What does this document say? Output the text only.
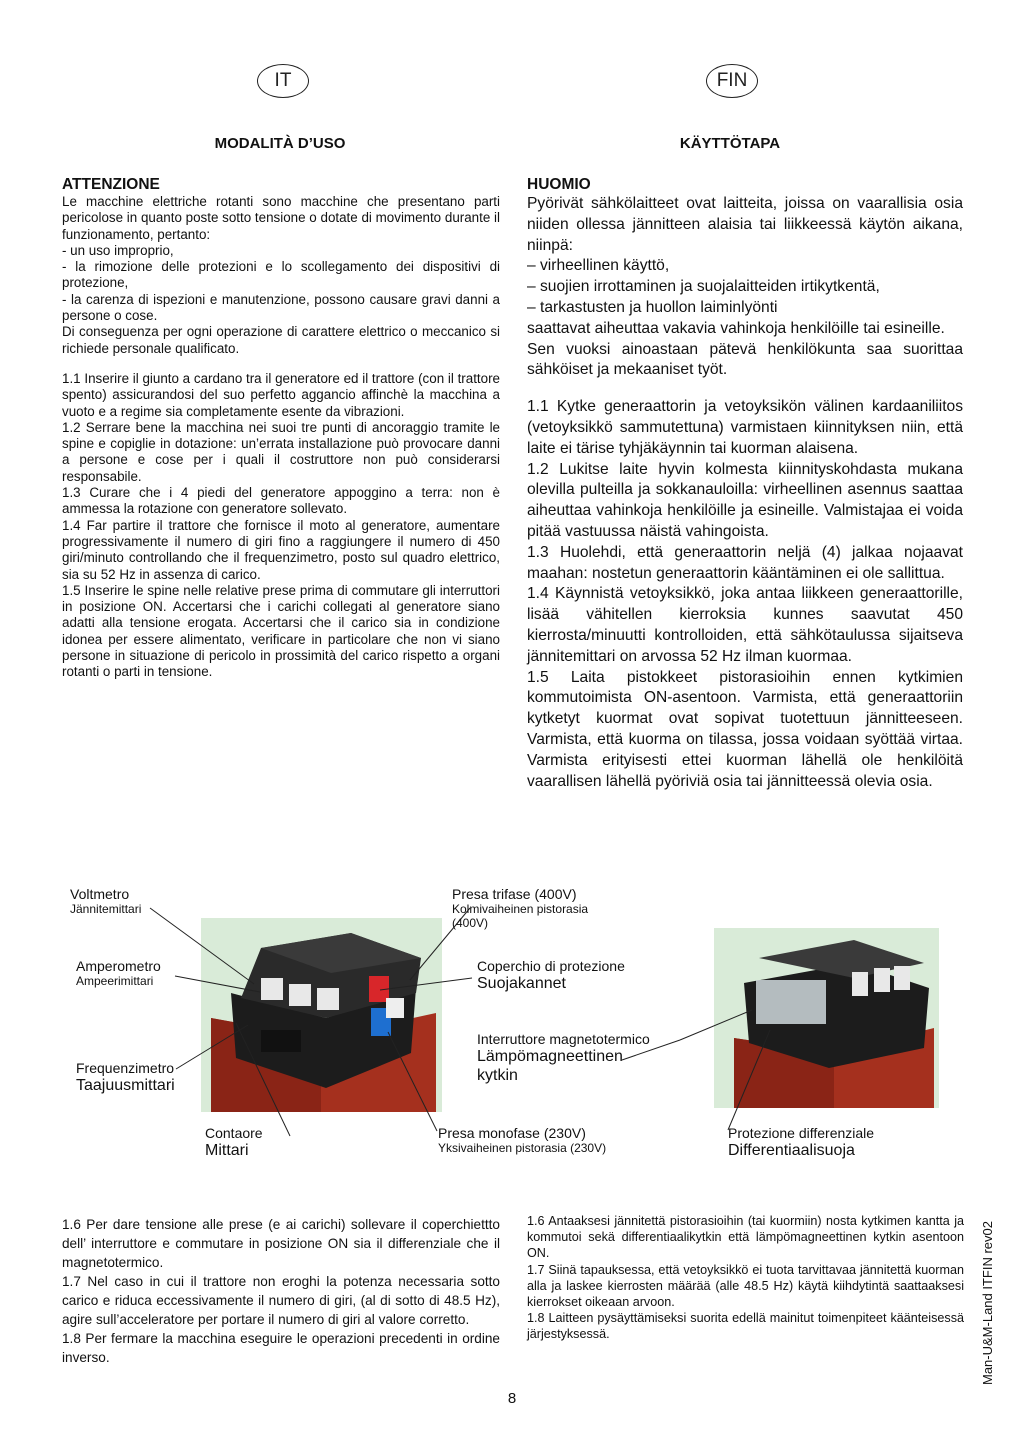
IT	FIN
MODALITÀ D’USO	KÄYTTÖTAPA
ATTENZIONE

Le macchine elettriche rotanti sono macchine che presentano parti pericolose in quanto poste sotto tensione o dotate di movimento durante il funzionamento, pertanto:

- un uso improprio,

- la rimozione delle protezioni e lo scollegamento dei dispositivi di protezione,

- la carenza di ispezioni e manutenzione, possono causare gravi danni a persone o cose.

Di conseguenza per ogni operazione di carattere elettrico o meccanico si richiede personale qualificato.

1.1 Inserire il giunto a cardano tra il generatore ed il trattore (con il trattore spento) assicurandosi del suo perfetto aggancio affinchè la macchina a vuoto e a regime sia completamente esente da vibrazioni.

1.2 Serrare bene la macchina nei suoi tre punti di ancoraggio tramite le spine e copiglie in dotazione: un’errata installazione può provocare danni a persone e cose per i quali il costruttore non può considerarsi responsabile.

1.3 Curare che i 4 piedi del generatore appoggino a terra: non è ammessa la rotazione con generatore sollevato.

1.4 Far partire il trattore che fornisce il moto al generatore, aumentare progressivamente il numero di giri fino a raggiungere il numero di 450 giri/minuto controllando che il frequenzimetro, posto sul quadro elettrico, sia su 52 Hz in assenza di carico.

1.5 Inserire le spine nelle relative prese prima di commutare gli interruttori in posizione ON. Accertarsi che i carichi collegati al generatore siano adatti alla tensione erogata. Accertarsi che il carico sia in condizione idonea per essere alimentato, verificare in particolare che non vi siano persone in situazione di pericolo in prossimità del carico rispetto a organi rotanti o parti in tensione.

HUOMIO

Pyörivät sähkölaitteet ovat laitteita, joissa on vaarallisia osia niiden ollessa jännitteen alaisia tai liikkeessä käytön aikana, niinpä:

– virheellinen käyttö,

– suojien irrottaminen ja suojalaitteiden irtikytkentä,

– tarkastusten ja huollon laiminlyönti

saattavat aiheuttaa vakavia vahinkoja henkilöille tai esineille.

Sen vuoksi ainoastaan pätevä henkilökunta saa suorittaa sähköiset ja mekaaniset työt.

1.1 Kytke generaattorin ja vetoyksikön välinen kardaaniliitos (vetoyksikkö sammutettuna) varmistaen kiinnityksen niin, että laite ei tärise tyhjäkäynnin tai kuorman alaisena.

1.2 Lukitse laite hyvin kolmesta kiinnityskohdasta mukana olevilla pulteilla ja sokkanauloilla: virheellinen asennus saattaa aiheuttaa vahinkoja henkilöille ja esineille. Valmistajaa ei voida pitää vastuussa näistä vahingoista.

1.3 Huolehdi, että generaattorin neljä (4) jalkaa nojaavat maahan: nostetun generaattorin kääntäminen ei ole sallittua.

1.4 Käynnistä vetoyksikkö, joka antaa liikkeen generaattorille, lisää vähitellen kierroksia kunnes saavutat 450 kierrosta/minuutti kontrolloiden, että sähkötaulussa sijaitseva jännitemittari on arvossa 52 Hz ilman kuormaa.

1.5 Laita pistokkeet pistorasioihin ennen kytkimien kommutoimista ON-asentoon. Varmista, että generaattoriin kytketyt kuormat ovat sopivat tuotettuun jännitteeseen. Varmista, että kuorma on tilassa, jossa voidaan syöttää virtaa. Varmista erityisesti ettei kuorman lähellä ole henkilöitä vaarallisen lähellä pyöriviä osia tai jännitteessä olevia osia.

Voltmetro
Jännitemittari
Amperometro
Ampeerimittari
Frequenzimetro
Taajuusmittari
Contaore
Mittari
Presa trifase (400V)
Kolmivaiheinen pistorasia
(400V)
Coperchio di protezione
Suojakannet
Interruttore magnetotermico
Lämpömagneettinen
kytkin
Presa monofase (230V)
Yksivaiheinen pistorasia (230V)
Protezione differenziale
Differentiaalisuoja

1.6 Per dare tensione alle prese (e ai carichi) sollevare il coperchiettto dell’ interruttore e commutare in posizione ON sia il differenziale che il magnetotermico.

1.7 Nel caso in cui il trattore non eroghi la potenza necessaria sotto carico e riduca eccessivamente il numero di giri, (al di sotto di 48.5 Hz), agire sull’acceleratore per portare il numero di giri al valore corretto.

1.8 Per fermare la macchina eseguire le operazioni precedenti in ordine inverso.

1.6 Antaaksesi jännitettä pistorasioihin (tai kuormiin) nosta kytkimen kantta ja kommutoi sekä differentiaalikytkin että lämpömagneettinen kytkin asentoon ON.

1.7 Siinä tapauksessa, että vetoyksikkö ei tuota tarvittavaa jännitettä kuorman alla ja laskee kierrosten määrää (alle 48.5 Hz) käytä kiihdytintä saattaaksesi kierrokset oikeaan arvoon.

1.8 Laitteen pysäyttämiseksi suorita edellä mainitut toimenpiteet käänteisessä järjestyksessä.

8
Man-U&M-Land ITFIN rev02
